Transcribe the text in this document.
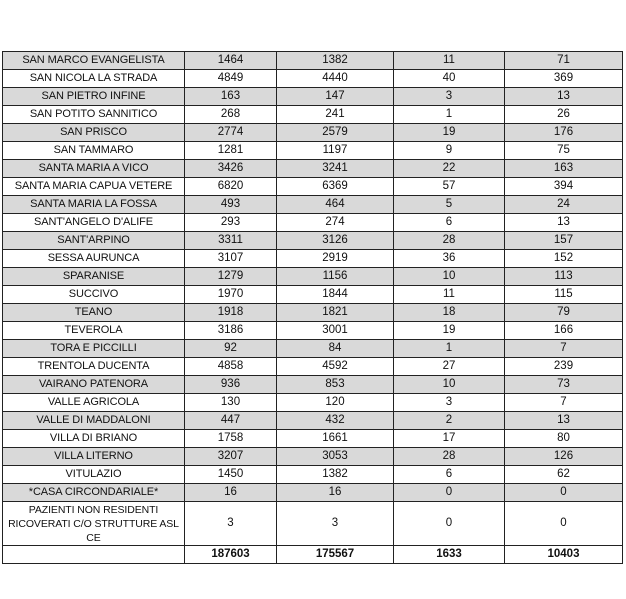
SAN MARCO EVANGELISTA	1464	1382	11	71
SAN NICOLA LA STRADA	4849	4440	40	369
SAN PIETRO INFINE	163	147	3	13
SAN POTITO SANNITICO	268	241	1	26
SAN PRISCO	2774	2579	19	176
SAN TAMMARO	1281	1197	9	75
SANTA MARIA A VICO	3426	3241	22	163
SANTA MARIA CAPUA VETERE	6820	6369	57	394
SANTA MARIA LA FOSSA	493	464	5	24
SANT'ANGELO D'ALIFE	293	274	6	13
SANT'ARPINO	3311	3126	28	157
SESSA AURUNCA	3107	2919	36	152
SPARANISE	1279	1156	10	113
SUCCIVO	1970	1844	11	115
TEANO	1918	1821	18	79
TEVEROLA	3186	3001	19	166
TORA E PICCILLI	92	84	1	7
TRENTOLA DUCENTA	4858	4592	27	239
VAIRANO PATENORA	936	853	10	73
VALLE AGRICOLA	130	120	3	7
VALLE DI MADDALONI	447	432	2	13
VILLA DI BRIANO	1758	1661	17	80
VILLA LITERNO	3207	3053	28	126
VITULAZIO	1450	1382	6	62
*CASA CIRCONDARIALE*	16	16	0	0
PAZIENTI NON RESIDENTI RICOVERATI C/O STRUTTURE ASL CE	3	3	0	0
	187603	175567	1633	10403
